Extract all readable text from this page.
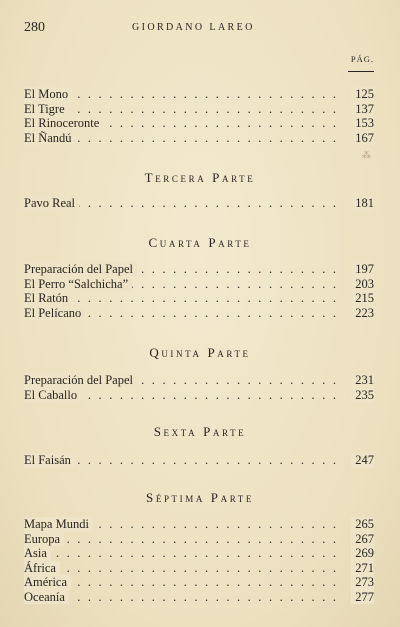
280	GIORDANO LAREO
PÁG.
. . .
El Mono	125
. . .
El Tigre	137
. . .
El Rinoceronte	153
. . .
El Ñandú	167
⁂
Tercera Parte
. . .
Pavo Real	181
Cuarta Parte
. . .
Preparación del Papel	197
. . .
El Perro “Salchicha”	203
. . .
El Ratón	215
. . .
El Pelícano	223
Quinta Parte
. . .
Preparación del Papel	231
. . .
El Caballo	235
Sexta Parte
. . .
El Faisán	247
Séptima Parte
. . .
Mapa Mundi	265
. . .
Europa	267
. . .
Asia	269
. . .
África	271
. . .
América	273
. . .
Oceanía	277
